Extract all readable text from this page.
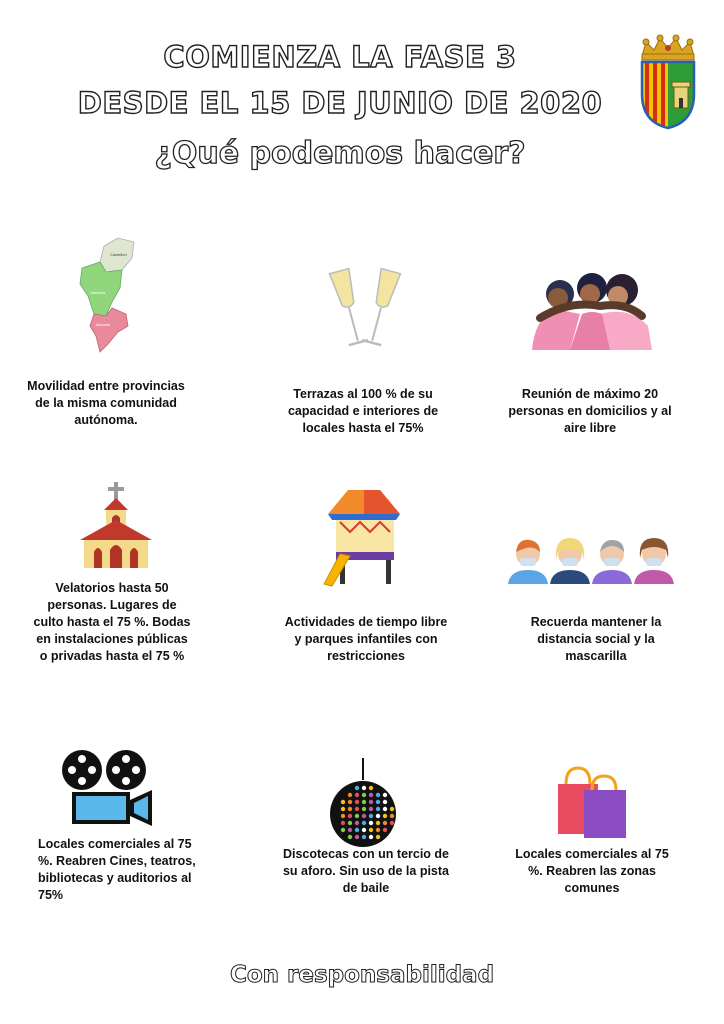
COMIENZA LA FASE 3
DESDE EL 15 DE JUNIO DE 2020
¿Qué podemos hacer?
Castellón
Valencia
Alicante
Movilidad entre provincias de la misma comunidad autónoma.
Terrazas al 100 % de su capacidad e interiores de locales hasta el 75%
Reunión de máximo 20 personas en domicilios y al aire libre
Velatorios hasta 50 personas. Lugares de culto hasta el 75 %. Bodas en instalaciones públicas o privadas hasta el 75 %
Actividades de tiempo libre y parques infantiles con restricciones
Recuerda mantener la distancia social y la mascarilla
Locales comerciales al 75 %. Reabren Cines, teatros, bibliotecas y auditorios al 75%
Discotecas con un tercio de su aforo. Sin uso de la pista de baile
Locales comerciales al 75 %. Reabren las zonas comunes
Con responsabilidad
